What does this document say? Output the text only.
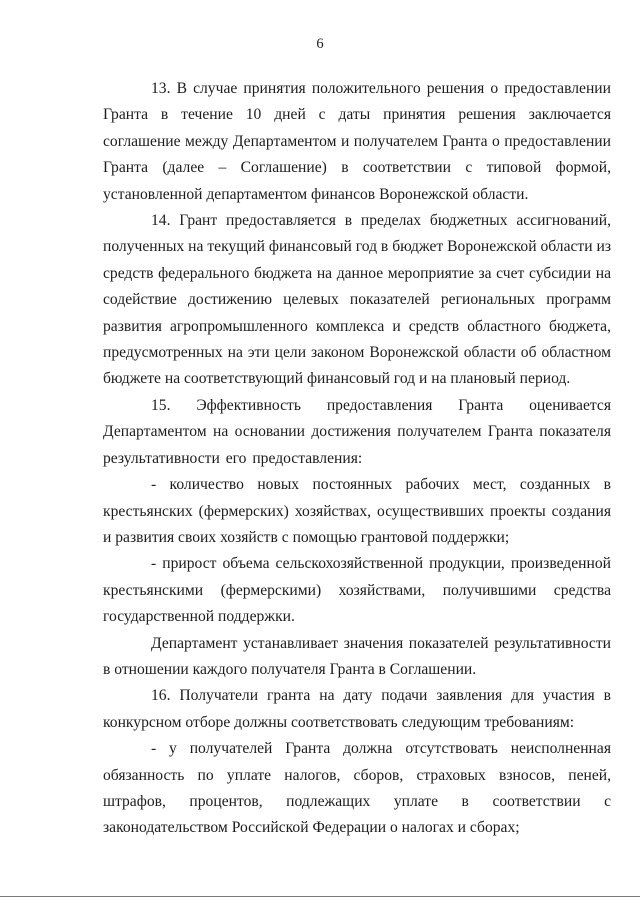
6

13. В случае принятия положительного решения о предоставлении Гранта в течение 10 дней с даты принятия решения заключается соглашение между Департаментом и получателем Гранта о предоставлении Гранта (далее – Соглашение) в соответствии с типовой формой, установленной департаментом финансов Воронежской области.

14. Грант предоставляется в пределах бюджетных ассигнований, полученных на текущий финансовый год в бюджет Воронежской области из средств федерального бюджета на данное мероприятие за счет субсидии на содействие достижению целевых показателей региональных программ развития агропромышленного комплекса и средств областного бюджета, предусмотренных на эти цели законом Воронежской области об областном бюджете на соответствующий финансовый год и на плановый период.

15. Эффективность предоставления Гранта оценивается Департаментом на основании достижения получателем Гранта показателя результативности его предоставления:

- количество новых постоянных рабочих мест, созданных в крестьянских (фермерских) хозяйствах, осуществивших проекты создания и развития своих хозяйств с помощью грантовой поддержки;

- прирост объема сельскохозяйственной продукции, произведенной крестьянскими (фермерскими) хозяйствами, получившими средства государственной поддержки.

Департамент устанавливает значения показателей результативности в отношении каждого получателя Гранта в Соглашении.

16. Получатели гранта на дату подачи заявления для участия в конкурсном отборе должны соответствовать следующим требованиям:

- у получателей Гранта должна отсутствовать неисполненная обязанность по уплате налогов, сборов, страховых взносов, пеней, штрафов, процентов, подлежащих уплате в соответствии с законодательством Российской Федерации о налогах и сборах;
